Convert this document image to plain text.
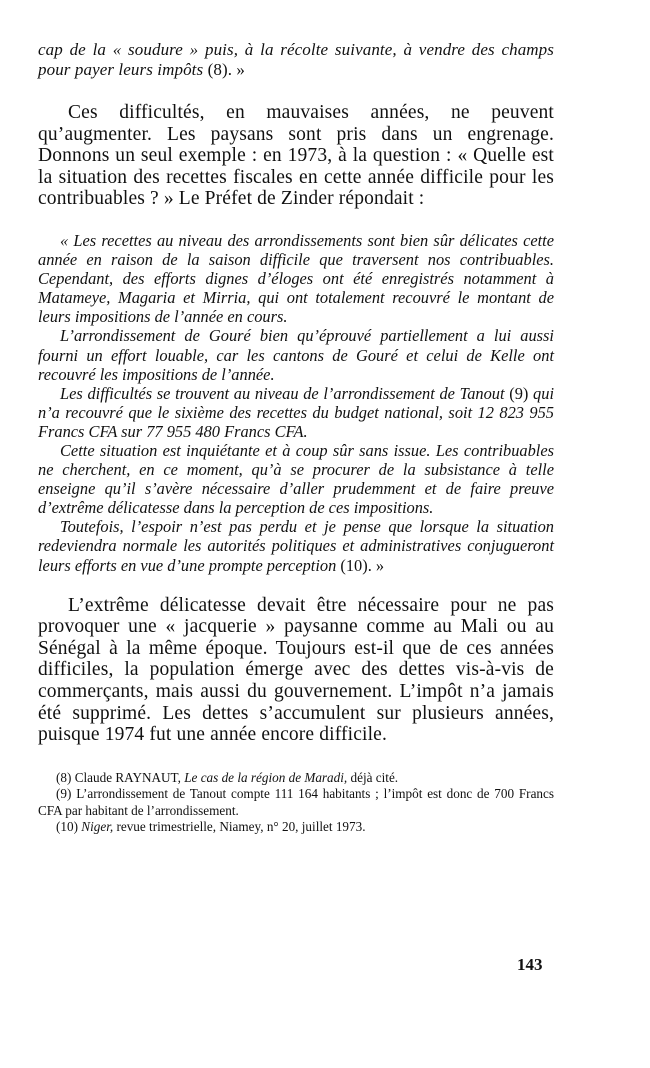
cap de la « soudure » puis, à la récolte suivante, à vendre des champs pour payer leurs impôts (8). »

Ces difficultés, en mauvaises années, ne peuvent qu’augmenter. Les paysans sont pris dans un engrenage. Donnons un seul exemple : en 1973, à la question : « Quelle est la situation des recettes fiscales en cette année difficile pour les contribuables ? » Le Préfet de Zinder répondait :

« Les recettes au niveau des arrondissements sont bien sûr délicates cette année en raison de la saison difficile que traversent nos contribuables. Cependant, des efforts dignes d’éloges ont été enregistrés notamment à Matameye, Magaria et Mirria, qui ont totalement recouvré le montant de leurs impositions de l’année en cours.

L’arrondissement de Gouré bien qu’éprouvé partiellement a lui aussi fourni un effort louable, car les cantons de Gouré et celui de Kelle ont recouvré les impositions de l’année.

Les difficultés se trouvent au niveau de l’arrondissement de Tanout (9) qui n’a recouvré que le sixième des recettes du budget national, soit 12 823 955 Francs CFA sur 77 955 480 Francs CFA.

Cette situation est inquiétante et à coup sûr sans issue. Les contribuables ne cherchent, en ce moment, qu’à se procurer de la subsistance à telle enseigne qu’il s’avère nécessaire d’aller prudemment et de faire preuve d’extrême délicatesse dans la perception de ces impositions.

Toutefois, l’espoir n’est pas perdu et je pense que lorsque la situation redeviendra normale les autorités politiques et administratives conjugueront leurs efforts en vue d’une prompte perception (10). »

L’extrême délicatesse devait être nécessaire pour ne pas provoquer une « jacquerie » paysanne comme au Mali ou au Sénégal à la même époque. Toujours est-il que de ces années difficiles, la population émerge avec des dettes vis-à-vis de commerçants, mais aussi du gouvernement. L’impôt n’a jamais été supprimé. Les dettes s’accumulent sur plusieurs années, puisque 1974 fut une année encore difficile.

(8) Claude RAYNAUT, Le cas de la région de Maradi, déjà cité.

(9) L’arrondissement de Tanout compte 111 164 habitants ; l’impôt est donc de 700 Francs CFA par habitant de l’arrondissement.

(10) Niger, revue trimestrielle, Niamey, n° 20, juillet 1973.

143
